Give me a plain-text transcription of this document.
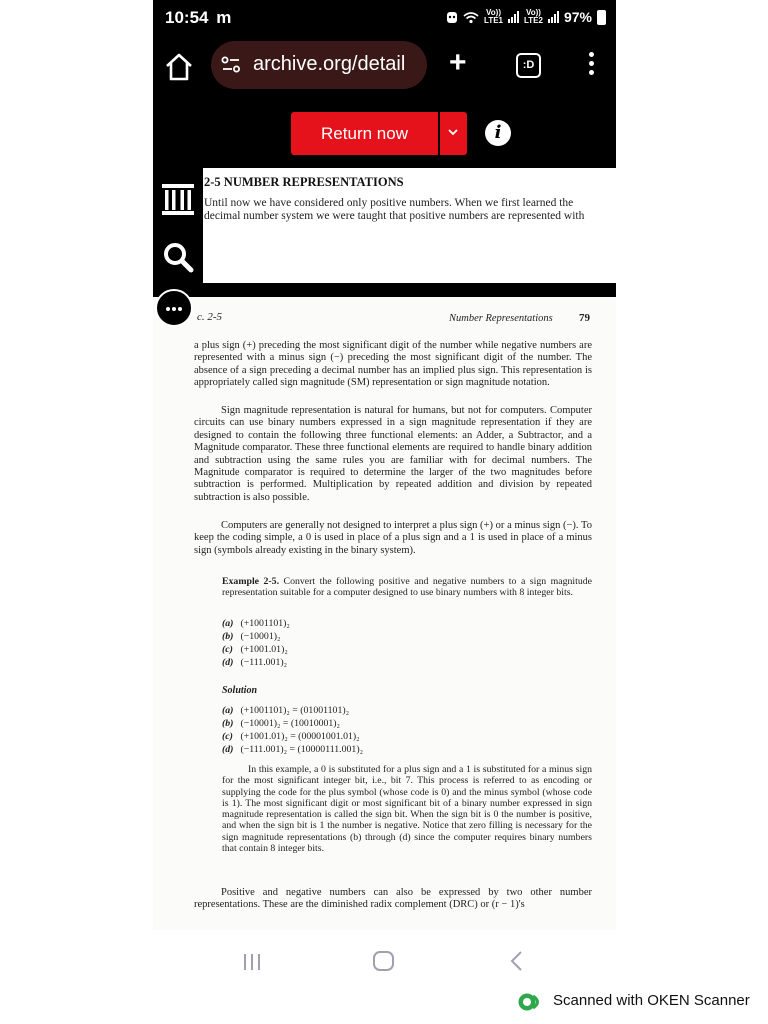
10:54 m	Vo))
LTE1
Vo))
LTE2 97%
archive.org/detail +	:D
Return now	i
2-5 NUMBER REPRESENTATIONS
Until now we have considered only positive numbers. When we first learned the decimal number system we were taught that positive numbers are represented with
c. 2-5	Number Representations 79

a plus sign (+) preceding the most significant digit of the number while negative numbers are represented with a minus sign (−) preceding the most significant digit of the number. The absence of a sign preceding a decimal number has an implied plus sign. This representation is appropriately called sign magnitude (SM) representation or sign magnitude notation.

Sign magnitude representation is natural for humans, but not for computers. Computer circuits can use binary numbers expressed in a sign magnitude representation if they are designed to contain the following three functional elements: an Adder, a Subtractor, and a Magnitude comparator. These three functional elements are required to handle binary addition and subtraction using the same rules you are familiar with for decimal numbers. The Magnitude comparator is required to determine the larger of the two magnitudes before subtraction is performed. Multiplication by repeated addition and division by repeated subtraction is also possible.

Computers are generally not designed to interpret a plus sign (+) or a minus sign (−). To keep the coding simple, a 0 is used in place of a plus sign and a 1 is used in place of a minus sign (symbols already existing in the binary system).

Example 2-5. Convert the following positive and negative numbers to a sign magnitude representation suitable for a computer designed to use binary numbers with 8 integer bits.

(a) (+1001101)₂
(b) (−10001)₂
(c) (+1001.01)₂
(d) (−111.001)₂
Solution
(a) (+1001101)₂ = (01001101)₂
(b) (−10001)₂ = (10010001)₂
(c) (+1001.01)₂ = (00001001.01)₂
(d) (−111.001)₂ = (10000111.001)₂

In this example, a 0 is substituted for a plus sign and a 1 is substituted for a minus sign for the most significant integer bit, i.e., bit 7. This process is referred to as encoding or supplying the code for the plus symbol (whose code is 0) and the minus symbol (whose code is 1). The most significant digit or most significant bit of a binary number expressed in sign magnitude representation is called the sign bit. When the sign bit is 0 the number is positive, and when the sign bit is 1 the number is negative. Notice that zero filling is necessary for the sign magnitude representations (b) through (d) since the computer requires binary numbers that contain 8 integer bits.

Positive and negative numbers can also be expressed by two other number representations. These are the diminished radix complement (DRC) or (r − 1)'s

Scanned with OKEN Scanner
